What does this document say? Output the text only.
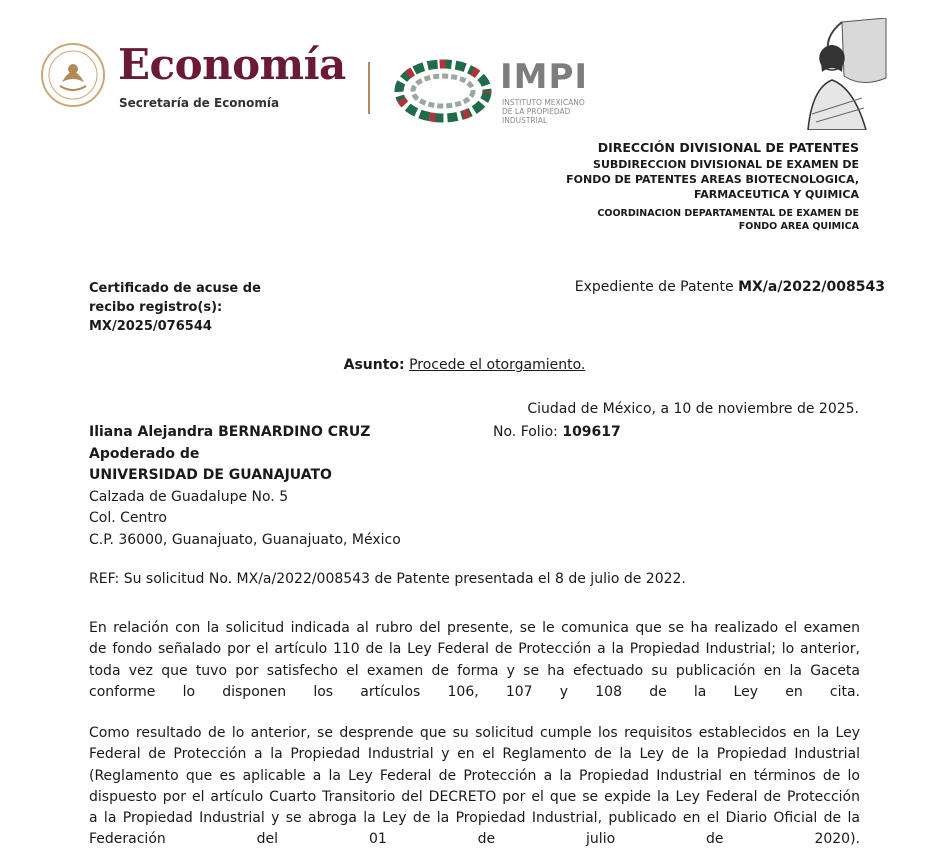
Economía
Secretaría de Economía
IMPI
INSTITUTO MEXICANO
DE LA PROPIEDAD
INDUSTRIAL
DIRECCIÓN DIVISIONAL DE PATENTES
SUBDIRECCION DIVISIONAL DE EXAMEN DE
FONDO DE PATENTES AREAS BIOTECNOLOGICA,
FARMACEUTICA Y QUIMICA
COORDINACION DEPARTAMENTAL DE EXAMEN DE
FONDO AREA QUIMICA
Certificado de acuse de
recibo registro(s):
MX/2025/076544
Expediente de Patente MX/a/2022/008543
Asunto: Procede el otorgamiento.
Ciudad de México, a 10 de noviembre de 2025.
No. Folio: 109617
Iliana Alejandra BERNARDINO CRUZ
Apoderado de
UNIVERSIDAD DE GUANAJUATO
Calzada de Guadalupe No. 5
Col. Centro
C.P. 36000, Guanajuato, Guanajuato, México
REF: Su solicitud No. MX/a/2022/008543 de Patente presentada el 8 de julio de 2022.
En relación con la solicitud indicada al rubro del presente, se le comunica que se ha realizado el examen
de fondo señalado por el artículo 110 de la Ley Federal de Protección a la Propiedad Industrial; lo anterior,
toda vez que tuvo por satisfecho el examen de forma y se ha efectuado su publicación en la Gaceta
conforme lo disponen los artículos 106, 107 y 108 de la Ley en cita.
Como resultado de lo anterior, se desprende que su solicitud cumple los requisitos establecidos en la Ley
Federal de Protección a la Propiedad Industrial y en el Reglamento de la Ley de la Propiedad Industrial
(Reglamento que es aplicable a la Ley Federal de Protección a la Propiedad Industrial en términos de lo
dispuesto por el artículo Cuarto Transitorio del DECRETO por el que se expide la Ley Federal de Protección
a la Propiedad Industrial y se abroga la Ley de la Propiedad Industrial, publicado en el Diario Oficial de la
Federación del 01 de julio de 2020).
